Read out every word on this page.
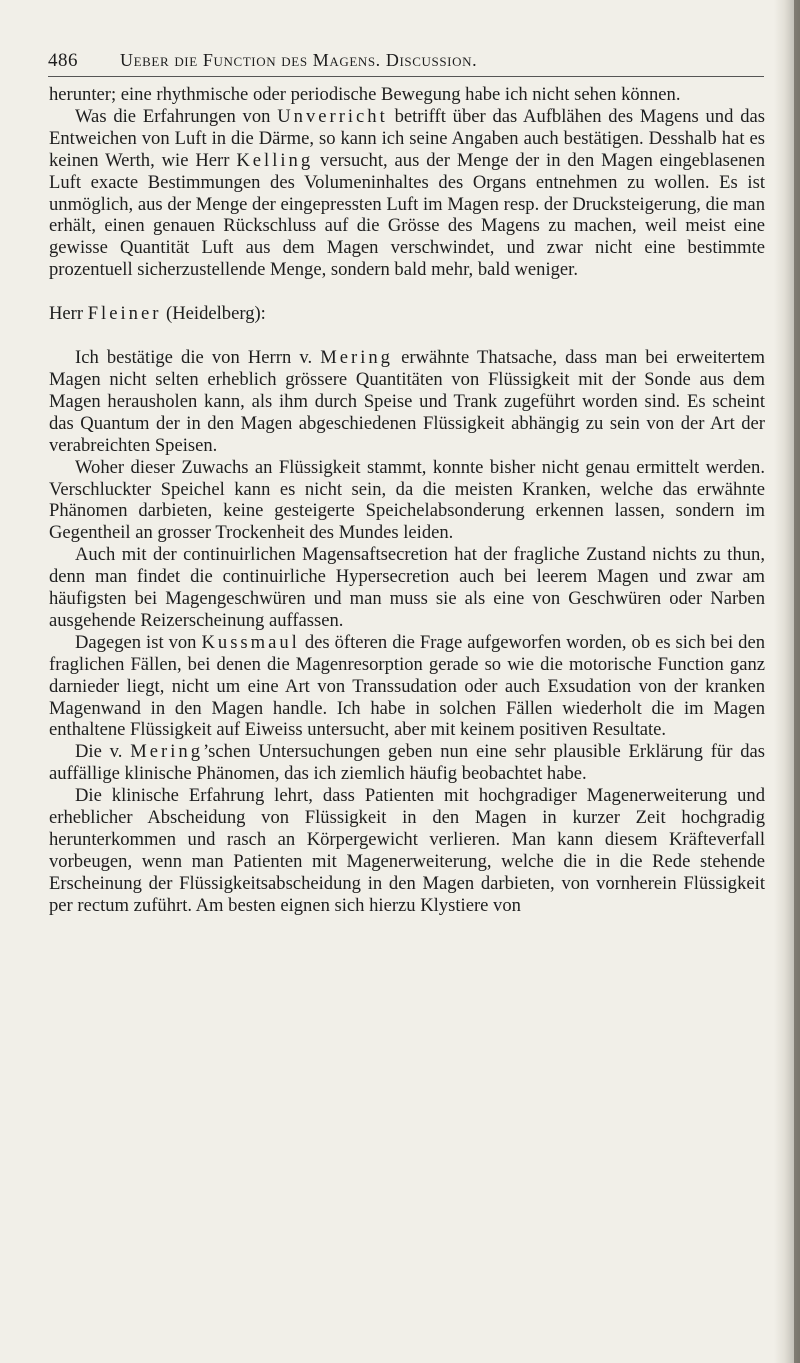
486 Ueber die Function des Magens. Discussion.

herunter; eine rhythmische oder periodische Bewegung habe ich nicht sehen können.

Was die Erfahrungen von Unverricht betrifft über das Aufblähen des Magens und das Entweichen von Luft in die Därme, so kann ich seine Angaben auch bestätigen. Desshalb hat es keinen Werth, wie Herr Kelling versucht, aus der Menge der in den Magen eingeblasenen Luft exacte Bestimmungen des Volumeninhaltes des Organs entnehmen zu wollen. Es ist unmöglich, aus der Menge der eingepressten Luft im Magen resp. der Drucksteigerung, die man erhält, einen genauen Rückschluss auf die Grösse des Magens zu machen, weil meist eine gewisse Quantität Luft aus dem Magen verschwindet, und zwar nicht eine bestimmte prozentuell sicherzustellende Menge, sondern bald mehr, bald weniger.

Herr Fleiner (Heidelberg):

Ich bestätige die von Herrn v. Mering erwähnte Thatsache, dass man bei erweitertem Magen nicht selten erheblich grössere Quantitäten von Flüssigkeit mit der Sonde aus dem Magen herausholen kann, als ihm durch Speise und Trank zugeführt worden sind. Es scheint das Quantum der in den Magen abgeschiedenen Flüssigkeit abhängig zu sein von der Art der verabreichten Speisen.

Woher dieser Zuwachs an Flüssigkeit stammt, konnte bisher nicht genau ermittelt werden. Verschluckter Speichel kann es nicht sein, da die meisten Kranken, welche das erwähnte Phänomen darbieten, keine gesteigerte Speichelabsonderung erkennen lassen, sondern im Gegentheil an grosser Trockenheit des Mundes leiden.

Auch mit der continuirlichen Magensaftsecretion hat der fragliche Zustand nichts zu thun, denn man findet die continuirliche Hypersecretion auch bei leerem Magen und zwar am häufigsten bei Magengeschwüren und man muss sie als eine von Geschwüren oder Narben ausgehende Reizerscheinung auffassen.

Dagegen ist von Kussmaul des öfteren die Frage aufgeworfen worden, ob es sich bei den fraglichen Fällen, bei denen die Magenresorption gerade so wie die motorische Function ganz darnieder liegt, nicht um eine Art von Transsudation oder auch Exsudation von der kranken Magenwand in den Magen handle. Ich habe in solchen Fällen wiederholt die im Magen enthaltene Flüssigkeit auf Eiweiss untersucht, aber mit keinem positiven Resultate.

Die v. Mering’schen Untersuchungen geben nun eine sehr plausible Erklärung für das auffällige klinische Phänomen, das ich ziemlich häufig beobachtet habe.

Die klinische Erfahrung lehrt, dass Patienten mit hochgradiger Magenerweiterung und erheblicher Abscheidung von Flüssigkeit in den Magen in kurzer Zeit hochgradig herunterkommen und rasch an Körpergewicht verlieren. Man kann diesem Kräfteverfall vorbeugen, wenn man Patienten mit Magenerweiterung, welche die in die Rede stehende Erscheinung der Flüssigkeitsabscheidung in den Magen darbieten, von vornherein Flüssigkeit per rectum zuführt. Am besten eignen sich hierzu Klystiere von
